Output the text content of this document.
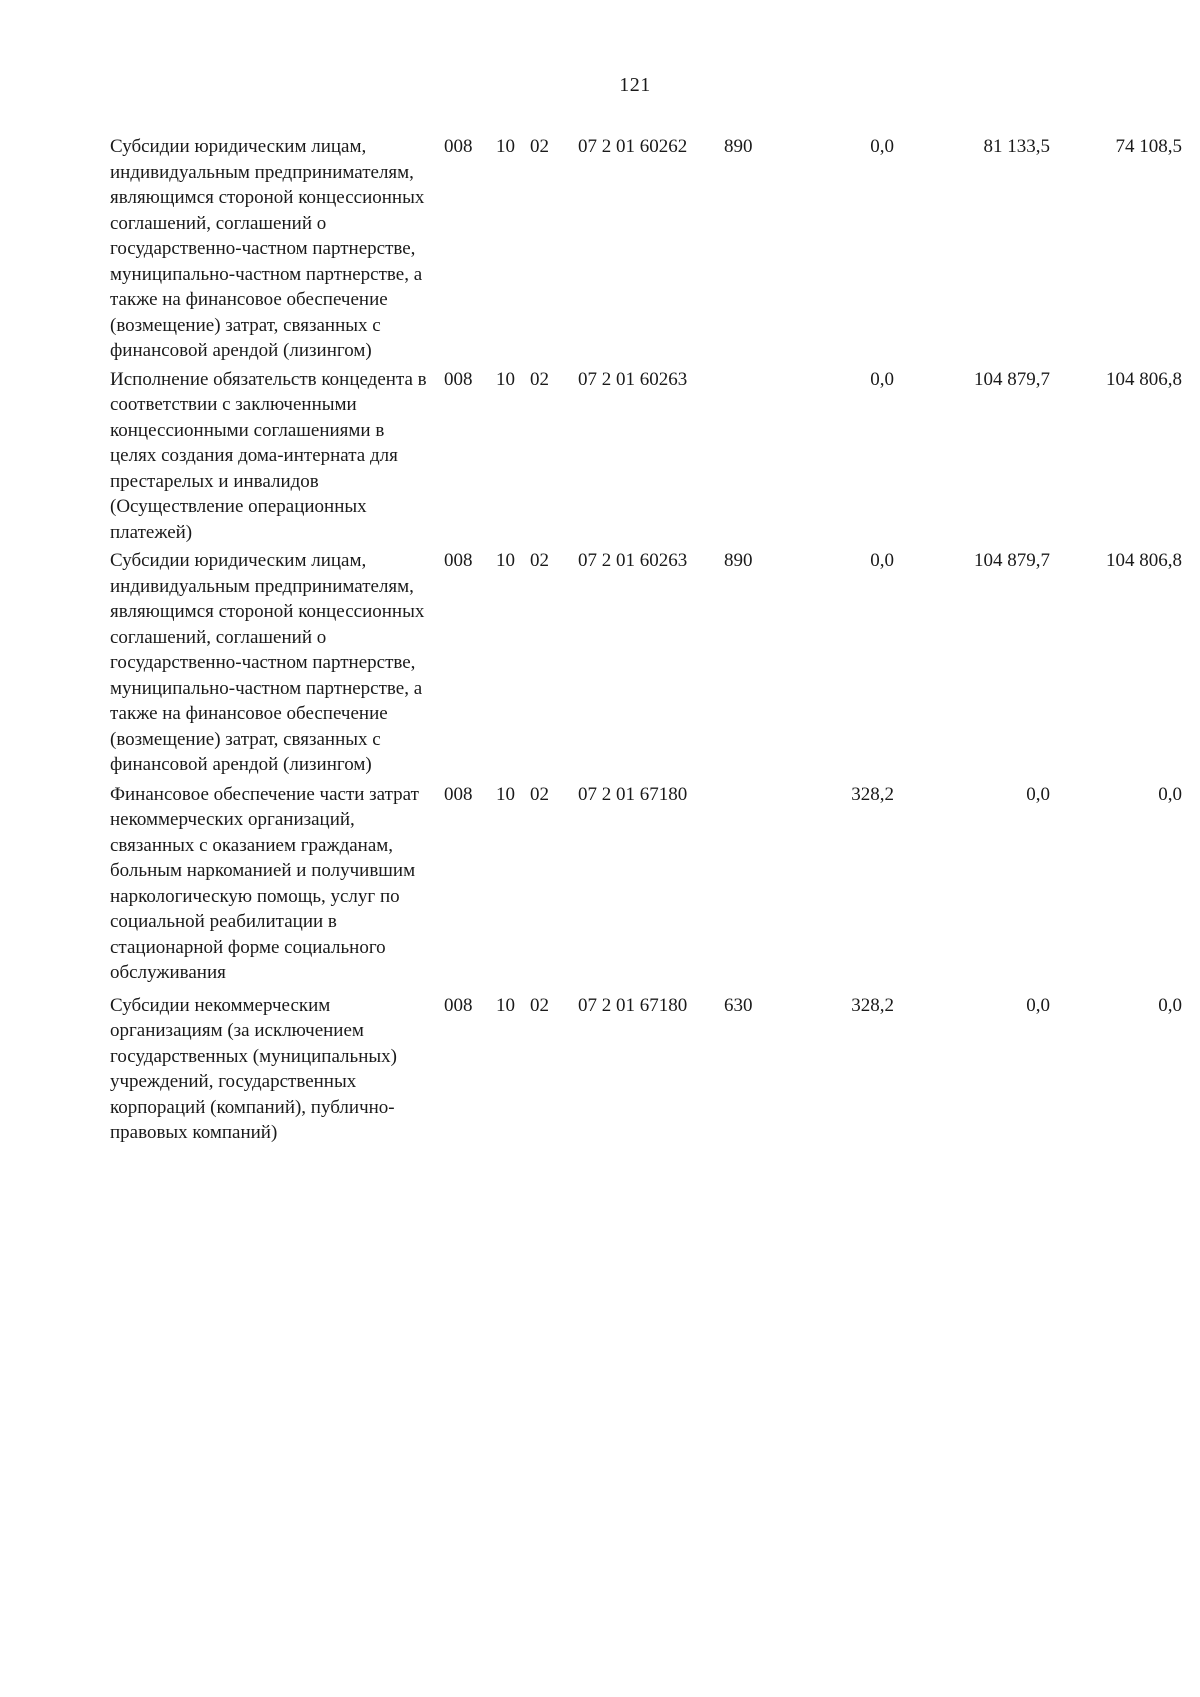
121
Субсидии юридическим лицам, индивидуальным предпринимателям, являющимся стороной концессионных соглашений, соглашений о государственно-частном партнерстве, муниципально-частном партнерстве, а также на финансовое обеспечение (возмещение) затрат, связанных с финансовой арендой (лизингом)
008 10 02 07 2 01 60262 890	0,0	81 133,5	74 108,5
Исполнение обязательств концедента в соответствии с заключенными концессионными соглашениями в целях создания дома-интерната для престарелых и инвалидов (Осуществление операционных платежей)
008 10 02 07 2 01 60263	0,0	104 879,7	104 806,8
Субсидии юридическим лицам, индивидуальным предпринимателям, являющимся стороной концессионных соглашений, соглашений о государственно-частном партнерстве, муниципально-частном партнерстве, а также на финансовое обеспечение (возмещение) затрат, связанных с финансовой арендой (лизингом)
008 10 02 07 2 01 60263 890	0,0	104 879,7	104 806,8
Финансовое обеспечение части затрат некоммерческих организаций, связанных с оказанием гражданам, больным наркоманией и получившим наркологическую помощь, услуг по социальной реабилитации в стационарной форме социального обслуживания
008 10 02 07 2 01 67180	328,2	0,0	0,0
Субсидии некоммерческим организациям (за исключением государственных (муниципальных) учреждений, государственных корпораций (компаний), публично-правовых компаний)
008 10 02 07 2 01 67180 630	328,2	0,0	0,0
